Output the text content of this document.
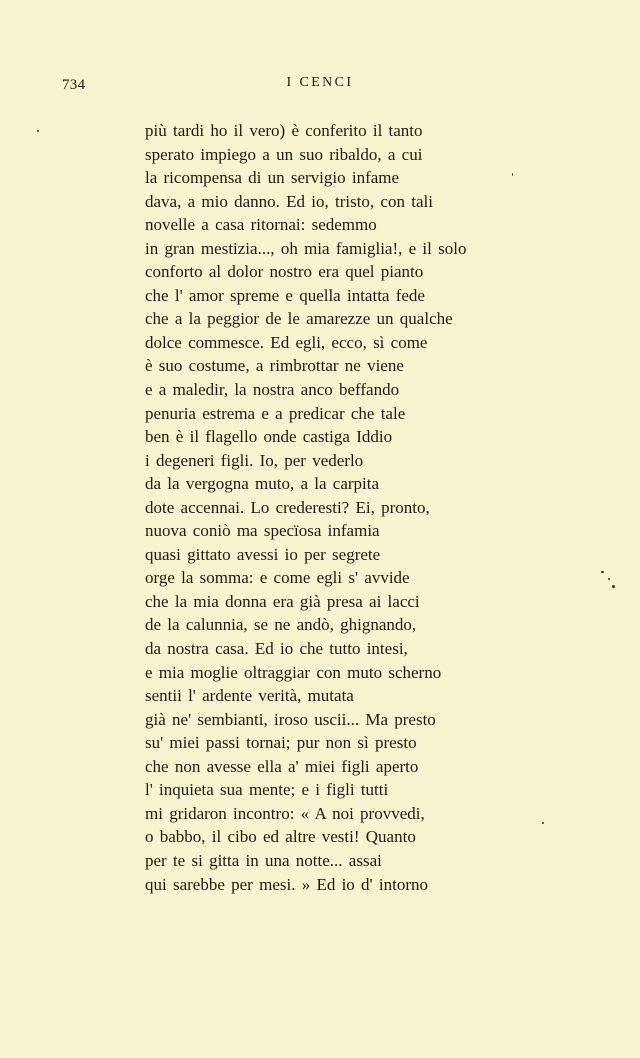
734	I CENCI
più tardi ho il vero) è conferito il tanto
sperato impiego a un suo ribaldo, a cui
la ricompensa di un servigio infame
dava, a mio danno. Ed io, tristo, con tali
novelle a casa ritornai: sedemmo
in gran mestizia..., oh mia famiglia!, e il solo
conforto al dolor nostro era quel pianto
che l' amor spreme e quella intatta fede
che a la peggior de le amarezze un qualche
dolce commesce. Ed egli, ecco, sì come
è suo costume, a rimbrottar ne viene
e a maledir, la nostra anco beffando
penuria estrema e a predicar che tale
ben è il flagello onde castiga Iddio
i degeneri figli. Io, per vederlo
da la vergogna muto, a la carpita
dote accennai. Lo crederesti? Ei, pronto,
nuova coniò ma specïosa infamia
quasi gittato avessi io per segrete
orge la somma: e come egli s' avvide
che la mia donna era già presa ai lacci
de la calunnia, se ne andò, ghignando,
da nostra casa. Ed io che tutto intesi,
e mia moglie oltraggiar con muto scherno
sentii l' ardente verità, mutata
già ne' sembianti, iroso uscii... Ma presto
su' miei passi tornai; pur non sì presto
che non avesse ella a' miei figli aperto
l' inquieta sua mente; e i figli tutti
mi gridaron incontro: « A noi provvedi,
o babbo, il cibo ed altre vesti! Quanto
per te si gitta in una notte... assai
qui sarebbe per mesi. » Ed io d' intorno
